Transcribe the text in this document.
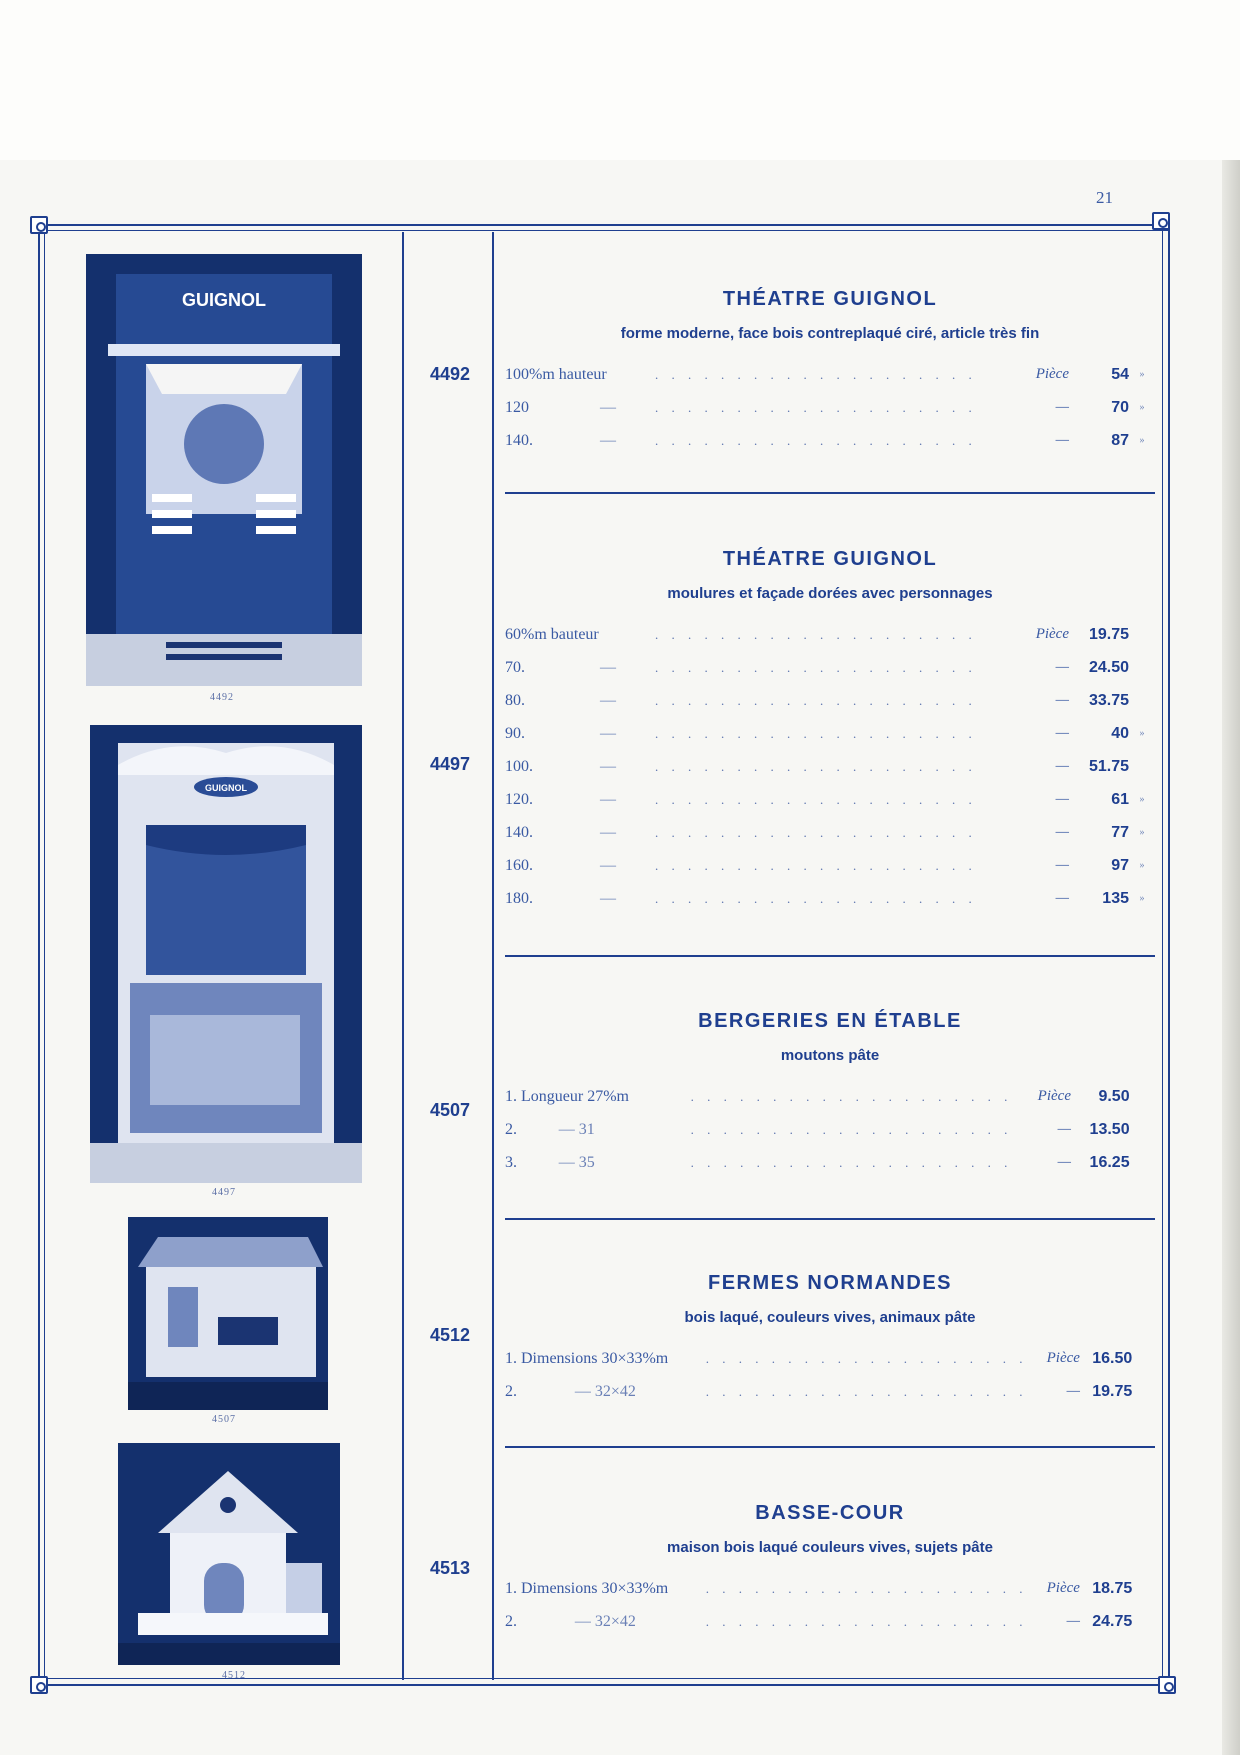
21
GUIGNOL
4492
GUIGNOL
4497
4507
4512
4492
4497
4507
4512
4513
THÉATRE GUIGNOL
forme moderne, face bois contreplaqué ciré, article très fin
100%m hauteur	. . . . . . . . . . . . . . . . . . . .	Pièce	54	»
120	—	. . . . . . . . . . . . . . . . . . . .	—	70	»
140.	—	. . . . . . . . . . . . . . . . . . . .	—	87	»
THÉATRE GUIGNOL
moulures et façade dorées avec personnages
60%m bauteur	. . . . . . . . . . . . . . . . . . . .	Pièce	19.75
70.	—	. . . . . . . . . . . . . . . . . . . .	—	24.50
80.	—	. . . . . . . . . . . . . . . . . . . .	—	33.75
90.	—	. . . . . . . . . . . . . . . . . . . .	—	40	»
100.	—	. . . . . . . . . . . . . . . . . . . .	—	51.75
120.	—	. . . . . . . . . . . . . . . . . . . .	—	61	»
140.	—	. . . . . . . . . . . . . . . . . . . .	—	77	»
160.	—	. . . . . . . . . . . . . . . . . . . .	—	97	»
180.	—	. . . . . . . . . . . . . . . . . . . .	—	135	»
BERGERIES EN ÉTABLE
moutons pâte
1. Longueur 27%m	. . . . . . . . . . . . . . . . . . . .	Pièce	9.50
2.	— 31	. . . . . . . . . . . . . . . . . . . .	—	13.50
3.	— 35	. . . . . . . . . . . . . . . . . . . .	—	16.25
FERMES NORMANDES
bois laqué, couleurs vives, animaux pâte
1. Dimensions 30×33%m	. . . . . . . . . . . . . . . . . . . .	Pièce 16.50
2.	— 32×42	. . . . . . . . . . . . . . . . . . . .	— 19.75
BASSE-COUR
maison bois laqué couleurs vives, sujets pâte
1. Dimensions 30×33%m	. . . . . . . . . . . . . . . . . . . .	Pièce 18.75
2.	— 32×42	. . . . . . . . . . . . . . . . . . . .	— 24.75
